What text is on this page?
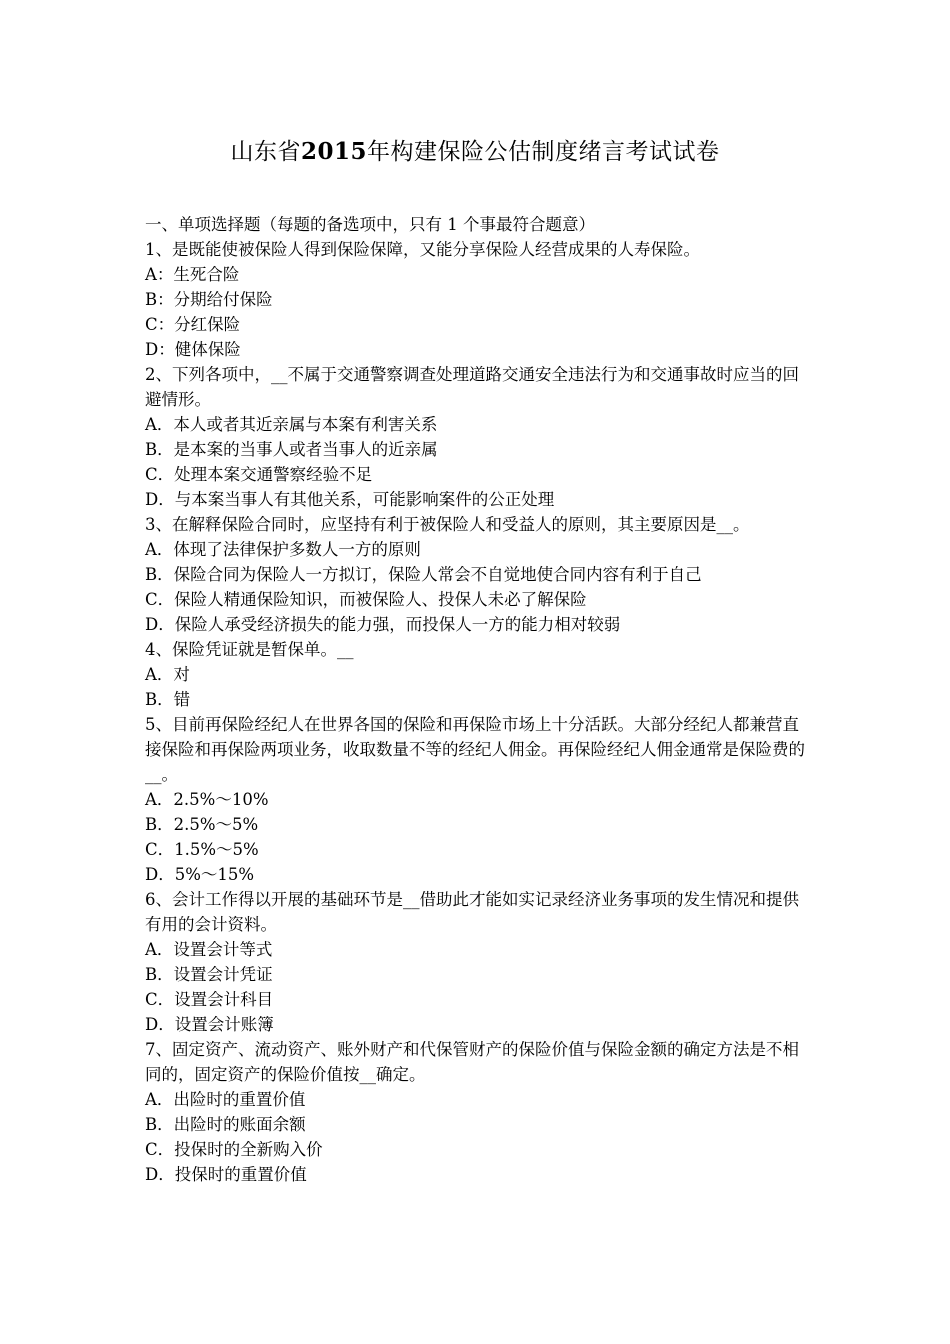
山东省2015年构建保险公估制度绪言考试试卷
一、单项选择题（每题的备选项中，只有 1 个事最符合题意）
1、是既能使被保险人得到保险保障，又能分享保险人经营成果的人寿保险。
A：生死合险
B：分期给付保险
C：分红保险
D：健体保险
2、下列各项中，__不属于交通警察调查处理道路交通安全违法行为和交通事故时应当的回避情形。
A．本人或者其近亲属与本案有利害关系
B．是本案的当事人或者当事人的近亲属
C．处理本案交通警察经验不足
D．与本案当事人有其他关系，可能影响案件的公正处理
3、在解释保险合同时，应坚持有利于被保险人和受益人的原则，其主要原因是__。
A．体现了法律保护多数人一方的原则
B．保险合同为保险人一方拟订，保险人常会不自觉地使合同内容有利于自己
C．保险人精通保险知识，而被保险人、投保人未必了解保险
D．保险人承受经济损失的能力强，而投保人一方的能力相对较弱
4、保险凭证就是暂保单。__
A．对
B．错
5、目前再保险经纪人在世界各国的保险和再保险市场上十分活跃。大部分经纪人都兼营直接保险和再保险两项业务，收取数量不等的经纪人佣金。再保险经纪人佣金通常是保险费的__。
A．2.5%～10%
B．2.5%～5%
C．1.5%～5%
D．5%～15%
6、会计工作得以开展的基础环节是__借助此才能如实记录经济业务事项的发生情况和提供有用的会计资料。
A．设置会计等式
B．设置会计凭证
C．设置会计科目
D．设置会计账簿
7、固定资产、流动资产、账外财产和代保管财产的保险价值与保险金额的确定方法是不相同的，固定资产的保险价值按__确定。
A．出险时的重置价值
B．出险时的账面余额
C．投保时的全新购入价
D．投保时的重置价值
